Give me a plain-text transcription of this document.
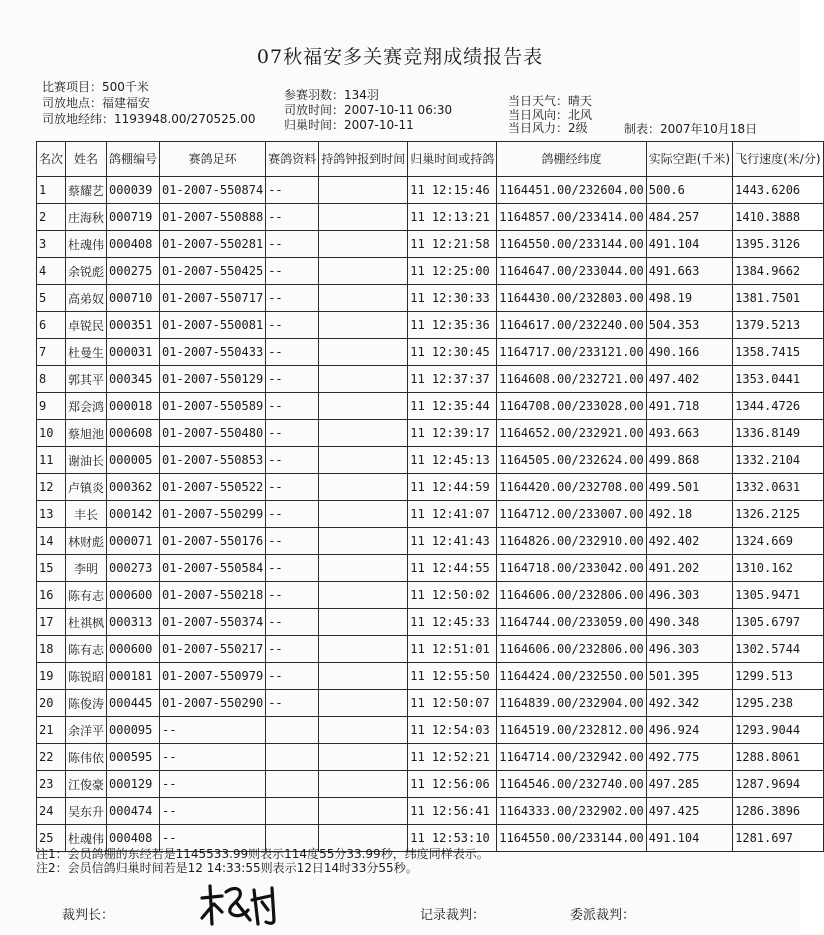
07秋福安多关赛竞翔成绩报告表
比赛项目：500千米
司放地点：福建福安
司放地经纬：1193948.00/270525.00
参赛羽数：134羽
司放时间：2007-10-11 06:30
归巢时间：2007-10-11
当日天气：晴天
当日风向：北风
当日风力：2级	制表：2007年10月18日
名次	姓名	鸽棚编号	赛鸽足环	赛鸽资料	持鸽钟报到时间	归巢时间或持鸽	鸽棚经纬度	实际空距(千米)	飞行速度(米/分)
1	蔡耀艺	000039	01-2007-550874	--		11 12:15:46	1164451.00/232604.00	500.6	1443.6206
2	庄海秋	000719	01-2007-550888	--		11 12:13:21	1164857.00/233414.00	484.257	1410.3888
3	杜魂伟	000408	01-2007-550281	--		11 12:21:58	1164550.00/233144.00	491.104	1395.3126
4	余锐彪	000275	01-2007-550425	--		11 12:25:00	1164647.00/233044.00	491.663	1384.9662
5	高弟奴	000710	01-2007-550717	--		11 12:30:33	1164430.00/232803.00	498.19	1381.7501
6	卓锐民	000351	01-2007-550081	--		11 12:35:36	1164617.00/232240.00	504.353	1379.5213
7	杜曼生	000031	01-2007-550433	--		11 12:30:45	1164717.00/233121.00	490.166	1358.7415
8	郭其平	000345	01-2007-550129	--		11 12:37:37	1164608.00/232721.00	497.402	1353.0441
9	郑会鸿	000018	01-2007-550589	--		11 12:35:44	1164708.00/233028.00	491.718	1344.4726
10	蔡旭池	000608	01-2007-550480	--		11 12:39:17	1164652.00/232921.00	493.663	1336.8149
11	谢油长	000005	01-2007-550853	--		11 12:45:13	1164505.00/232624.00	499.868	1332.2104
12	卢镇炎	000362	01-2007-550522	--		11 12:44:59	1164420.00/232708.00	499.501	1332.0631
13	丰长	000142	01-2007-550299	--		11 12:41:07	1164712.00/233007.00	492.18	1326.2125
14	林财彪	000071	01-2007-550176	--		11 12:41:43	1164826.00/232910.00	492.402	1324.669
15	李明	000273	01-2007-550584	--		11 12:44:55	1164718.00/233042.00	491.202	1310.162
16	陈有志	000600	01-2007-550218	--		11 12:50:02	1164606.00/232806.00	496.303	1305.9471
17	杜祺枫	000313	01-2007-550374	--		11 12:45:33	1164744.00/233059.00	490.348	1305.6797
18	陈有志	000600	01-2007-550217	--		11 12:51:01	1164606.00/232806.00	496.303	1302.5744
19	陈锐昭	000181	01-2007-550979	--		11 12:55:50	1164424.00/232550.00	501.395	1299.513
20	陈俊涛	000445	01-2007-550290	--		11 12:50:07	1164839.00/232904.00	492.342	1295.238
21	余洋平	000095	--			11 12:54:03	1164519.00/232812.00	496.924	1293.9044
22	陈伟依	000595	--			11 12:52:21	1164714.00/232942.00	492.775	1288.8061
23	江俊豪	000129	--			11 12:56:06	1164546.00/232740.00	497.285	1287.9694
24	吴东升	000474	--			11 12:56:41	1164333.00/232902.00	497.425	1286.3896
25	杜魂伟	000408	--			11 12:53:10	1164550.00/233144.00	491.104	1281.697
注1：会员鸽棚的东经若是1145533.99则表示114度55分33.99秒，纬度同样表示。
注2：会员信鸽归巢时间若是12 14:33:55则表示12日14时33分55秒。
裁判长：	记录裁判：	委派裁判：
